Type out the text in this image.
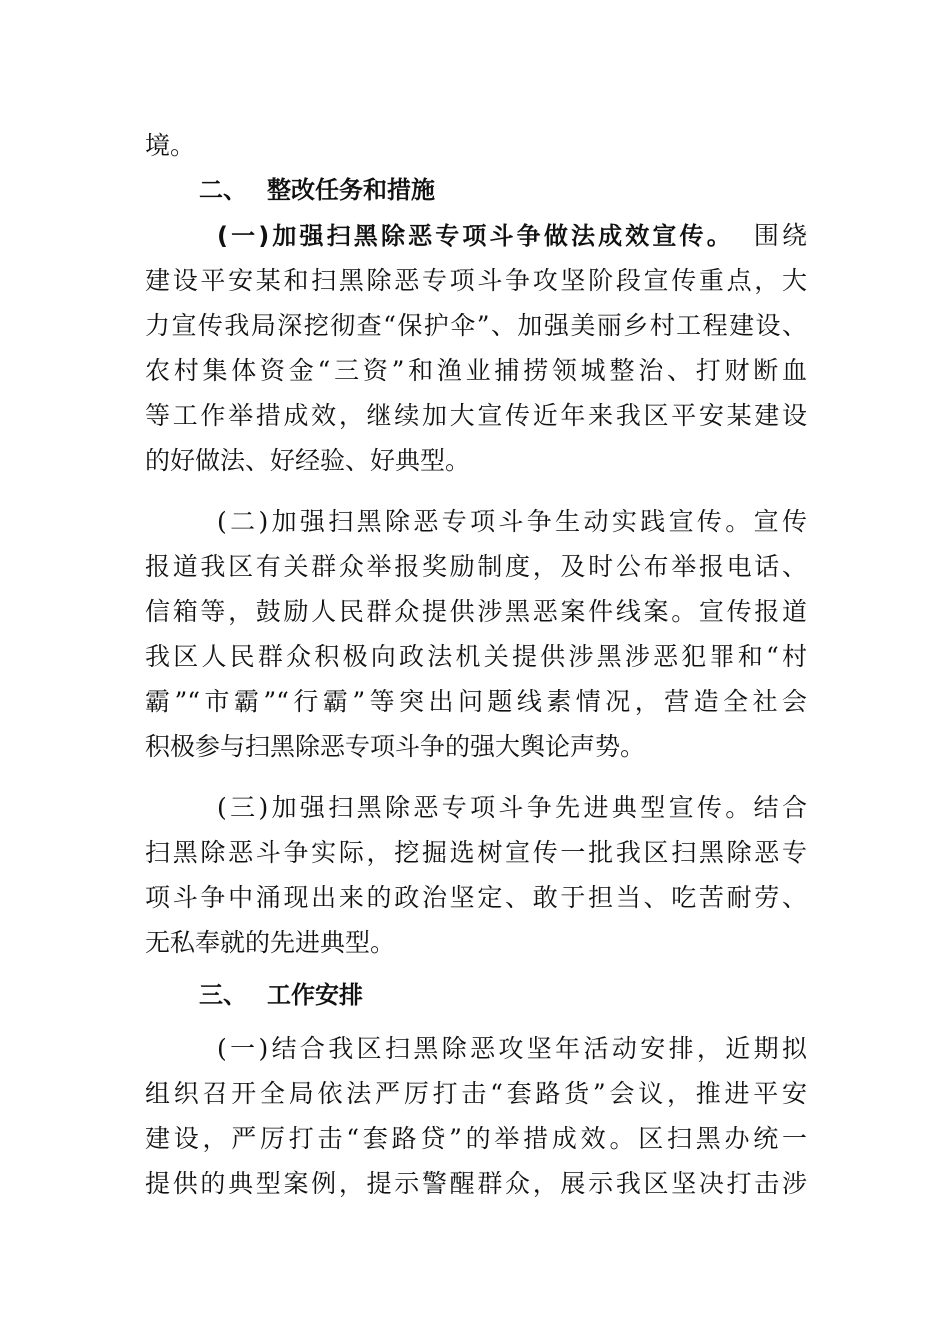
境。
二、 整改任务和措施
(一)加强扫黑除恶专项斗争做法成效宣传。 围绕
建设平安某和扫黑除恶专项斗争攻坚阶段宣传重点，大
力宣传我局深挖彻查“保护伞”、加强美丽乡村工程建设、
农村集体资金“三资”和渔业捕捞领城整治、打财断血
等工作举措成效，继续加大宣传近年来我区平安某建设
的好做法、好经验、好典型。
(二)加强扫黑除恶专项斗争生动实践宣传。宣传
报道我区有关群众举报奖励制度，及时公布举报电话、
信箱等，鼓励人民群众提供涉黑恶案件线案。宣传报道
我区人民群众积极向政法机关提供涉黑涉恶犯罪和“村
霸”“市霸”“行霸”等突出问题线素情况，营造全社会
积极参与扫黑除恶专项斗争的强大舆论声势。
(三)加强扫黑除恶专项斗争先进典型宣传。结合
扫黑除恶斗争实际，挖掘选树宣传一批我区扫黑除恶专
项斗争中涌现出来的政治坚定、敢于担当、吃苦耐劳、
无私奉就的先进典型。
三、 工作安排
(一)结合我区扫黑除恶攻坚年活动安排，近期拟
组织召开全局依法严厉打击“套路货”会议，推进平安
建设，严厉打击“套路贷”的举措成效。区扫黑办统一
提供的典型案例，提示警醒群众，展示我区坚决打击涉
